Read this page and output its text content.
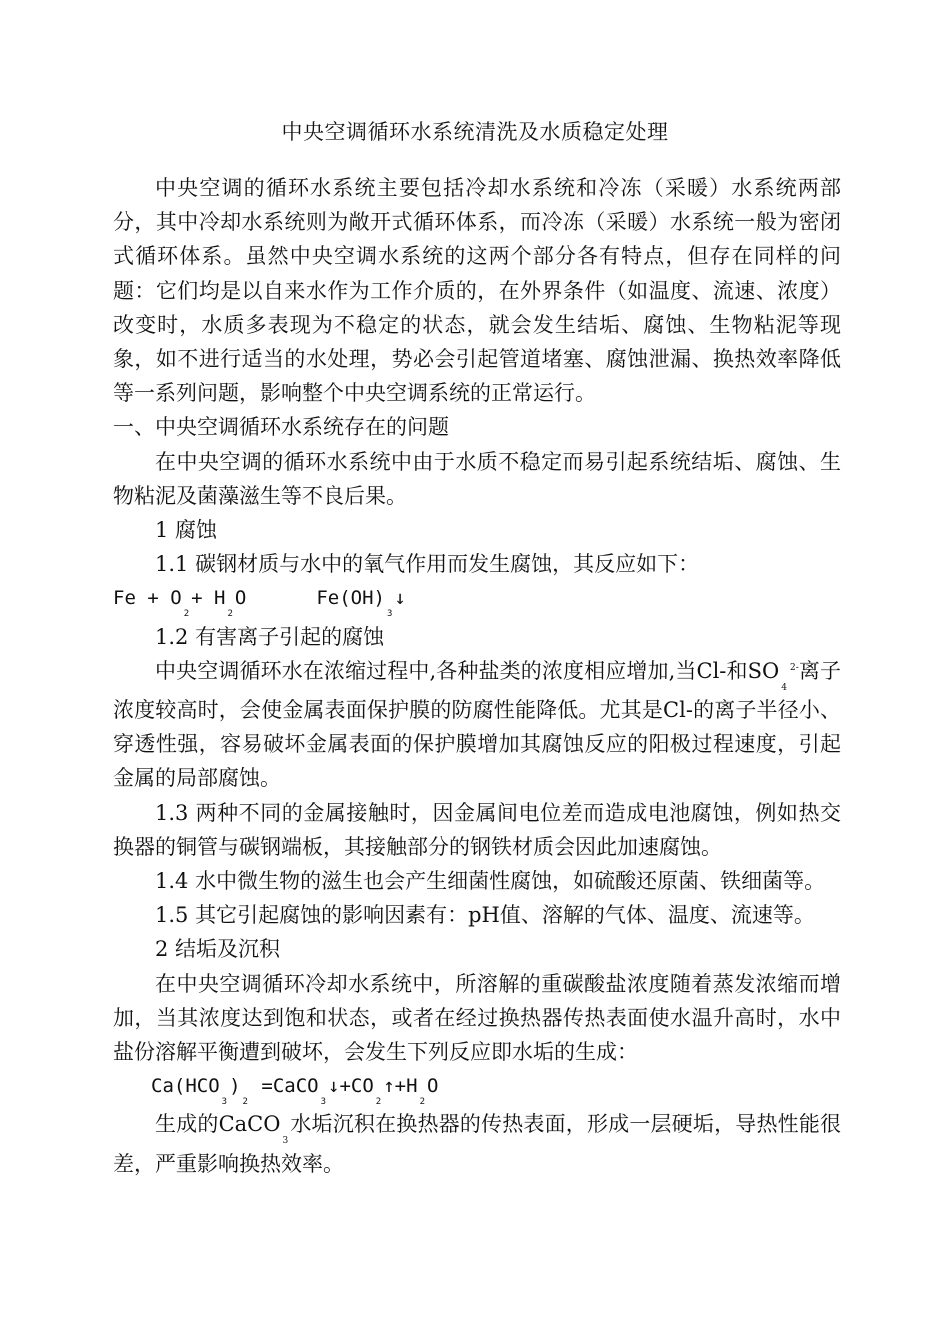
中央空调循环水系统清洗及水质稳定处理

中央空调的循环水系统主要包括冷却水系统和冷冻（采暖）水系统两部分，其中冷却水系统则为敞开式循环体系，而冷冻（采暖）水系统一般为密闭式循环体系。虽然中央空调水系统的这两个部分各有特点，但存在同样的问题：它们均是以自来水作为工作介质的，在外界条件（如温度、流速、浓度）改变时，水质多表现为不稳定的状态，就会发生结垢、腐蚀、生物粘泥等现象，如不进行适当的水处理，势必会引起管道堵塞、腐蚀泄漏、换热效率降低等一系列问题，影响整个中央空调系统的正常运行。

一、中央空调循环水系统存在的问题

在中央空调的循环水系统中由于水质不稳定而易引起系统结垢、腐蚀、生物粘泥及菌藻滋生等不良后果。

1 腐蚀

1.1 碳钢材质与水中的氧气作用而发生腐蚀，其反应如下：

$Fe + O_2+ H_2O$	$Fe(OH)_3↓$

1.2 有害离子引起的腐蚀

中央空调循环水在浓缩过程中,各种盐类的浓度相应增加,当Cl-和$SO_4^{2-}$离子浓度较高时，会使金属表面保护膜的防腐性能降低。尤其是Cl-的离子半径小、穿透性强，容易破坏金属表面的保护膜增加其腐蚀反应的阳极过程速度，引起金属的局部腐蚀。

1.3 两种不同的金属接触时，因金属间电位差而造成电池腐蚀，例如热交换器的铜管与碳钢端板，其接触部分的钢铁材质会因此加速腐蚀。

1.4 水中微生物的滋生也会产生细菌性腐蚀，如硫酸还原菌、铁细菌等。

1.5 其它引起腐蚀的影响因素有：pH值、溶解的气体、温度、流速等。

2 结垢及沉积

在中央空调循环冷却水系统中，所溶解的重碳酸盐浓度随着蒸发浓缩而增加，当其浓度达到饱和状态，或者在经过换热器传热表面使水温升高时，水中盐份溶解平衡遭到破坏，会发生下列反应即水垢的生成：

$Ca(HCO_3)_2$ $=CaCO_3↓+CO_2↑+H_2O$

生成的CaCO$_3$水垢沉积在换热器的传热表面，形成一层硬垢，导热性能很差，严重影响换热效率。
